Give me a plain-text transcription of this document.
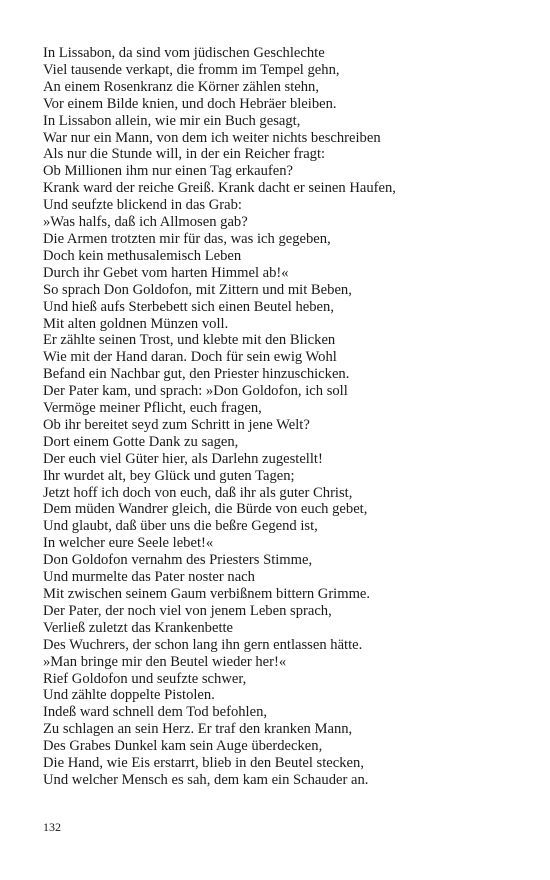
In Lissabon, da sind vom jüdischen Geschlechte
Viel tausende verkapt, die fromm im Tempel gehn,
An einem Rosenkranz die Körner zählen stehn,
Vor einem Bilde knien, und doch Hebräer bleiben.
In Lissabon allein, wie mir ein Buch gesagt,
War nur ein Mann, von dem ich weiter nichts beschreiben
Als nur die Stunde will, in der ein Reicher fragt:
Ob Millionen ihm nur einen Tag erkaufen?
Krank ward der reiche Greiß. Krank dacht er seinen Haufen,
Und seufzte blickend in das Grab:
»Was halfs, daß ich Allmosen gab?
Die Armen trotzten mir für das, was ich gegeben,
Doch kein methusalemisch Leben
Durch ihr Gebet vom harten Himmel ab!«
So sprach Don Goldofon, mit Zittern und mit Beben,
Und hieß aufs Sterbebett sich einen Beutel heben,
Mit alten goldnen Münzen voll.
Er zählte seinen Trost, und klebte mit den Blicken
Wie mit der Hand daran. Doch für sein ewig Wohl
Befand ein Nachbar gut, den Priester hinzuschicken.
Der Pater kam, und sprach: »Don Goldofon, ich soll
Vermöge meiner Pflicht, euch fragen,
Ob ihr bereitet seyd zum Schritt in jene Welt?
Dort einem Gotte Dank zu sagen,
Der euch viel Güter hier, als Darlehn zugestellt!
Ihr wurdet alt, bey Glück und guten Tagen;
Jetzt hoff ich doch von euch, daß ihr als guter Christ,
Dem müden Wandrer gleich, die Bürde von euch gebet,
Und glaubt, daß über uns die beßre Gegend ist,
In welcher eure Seele lebet!«
Don Goldofon vernahm des Priesters Stimme,
Und murmelte das Pater noster nach
Mit zwischen seinem Gaum verbißnem bittern Grimme.
Der Pater, der noch viel von jenem Leben sprach,
Verließ zuletzt das Krankenbette
Des Wuchrers, der schon lang ihn gern entlassen hätte.
»Man bringe mir den Beutel wieder her!«
Rief Goldofon und seufzte schwer,
Und zählte doppelte Pistolen.
Indeß ward schnell dem Tod befohlen,
Zu schlagen an sein Herz. Er traf den kranken Mann,
Des Grabes Dunkel kam sein Auge überdecken,
Die Hand, wie Eis erstarrt, blieb in den Beutel stecken,
Und welcher Mensch es sah, dem kam ein Schauder an.
132
